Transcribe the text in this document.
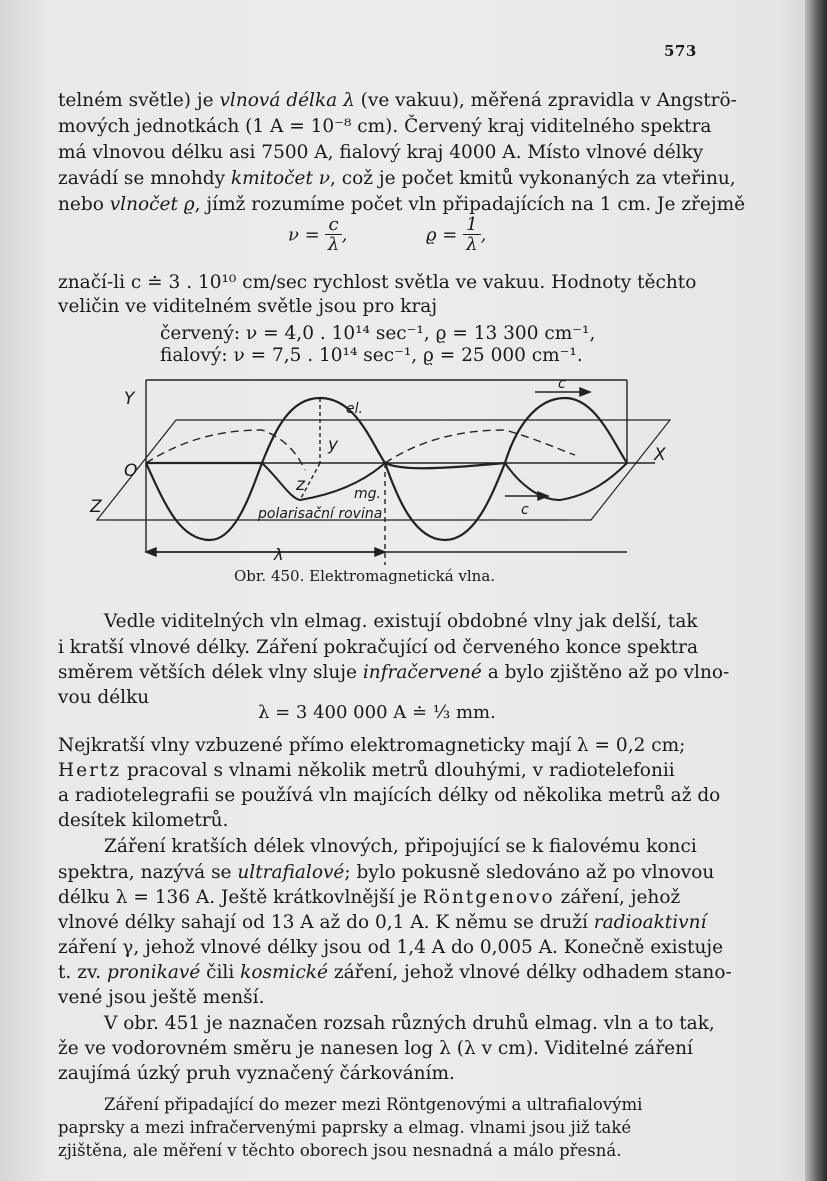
573
telném světle) je vlnová délka λ (ve vakuu), měřená zpravidla v Angströ-
mových jednotkách (1 A = 10⁻⁸ cm). Červený kraj viditelného spektra
má vlnovou délku asi 7500 A, fialový kraj 4000 A. Místo vlnové délky
zavádí se mnohdy kmitočet ν, což je počet kmitů vykonaných za vteřinu,
nebo vlnočet ϱ, jímž rozumíme počet vln připadajících na 1 cm. Je zřejmě
$\nu = \frac{c}{\lambda}$ ,	$ϱ = \frac{1}{\lambda}$ ,
značí-li c ≐ 3 . 10¹⁰ cm/sec rychlost světla ve vakuu. Hodnoty těchto
veličin ve viditelném světle jsou pro kraj
červený: ν = 4,0 . 10¹⁴ sec⁻¹, ϱ = 13 300 cm⁻¹,
fialový: ν = 7,5 . 10¹⁴ sec⁻¹, ϱ = 25 000 cm⁻¹.
Y
O
Z
X
el.
y
z	mg.
c
c
polarisační rovina
λ
Obr. 450. Elektromagnetická vlna.
Vedle viditelných vln elmag. existují obdobné vlny jak delší, tak
i kratší vlnové délky. Záření pokračující od červeného konce spektra
směrem větších délek vlny sluje infračervené a bylo zjištěno až po vlno-
vou délku
λ = 3 400 000 A ≐ ⅓ mm.
Nejkratší vlny vzbuzené přímo elektromagneticky mají λ = 0,2 cm;
Hertz pracoval s vlnami několik metrů dlouhými, v radiotelefonii
a radiotelegrafii se používá vln majících délky od několika metrů až do
desítek kilometrů.
Záření kratších délek vlnových, připojující se k fialovému konci
spektra, nazývá se ultrafialové; bylo pokusně sledováno až po vlnovou
délku λ = 136 A. Ještě krátkovlnější je Röntgenovo záření, jehož
vlnové délky sahají od 13 A až do 0,1 A. K němu se druží radioaktivní
záření γ, jehož vlnové délky jsou od 1,4 A do 0,005 A. Konečně existuje
t. zv. pronikavé čili kosmické záření, jehož vlnové délky odhadem stano-
vené jsou ještě menší.
V obr. 451 je naznačen rozsah různých druhů elmag. vln a to tak,
že ve vodorovném směru je nanesen log λ (λ v cm). Viditelné záření
zaujímá úzký pruh vyznačený čárkováním.
Záření připadající do mezer mezi Röntgenovými a ultrafialovými
paprsky a mezi infračervenými paprsky a elmag. vlnami jsou již také
zjištěna, ale měření v těchto oborech jsou nesnadná a málo přesná.
